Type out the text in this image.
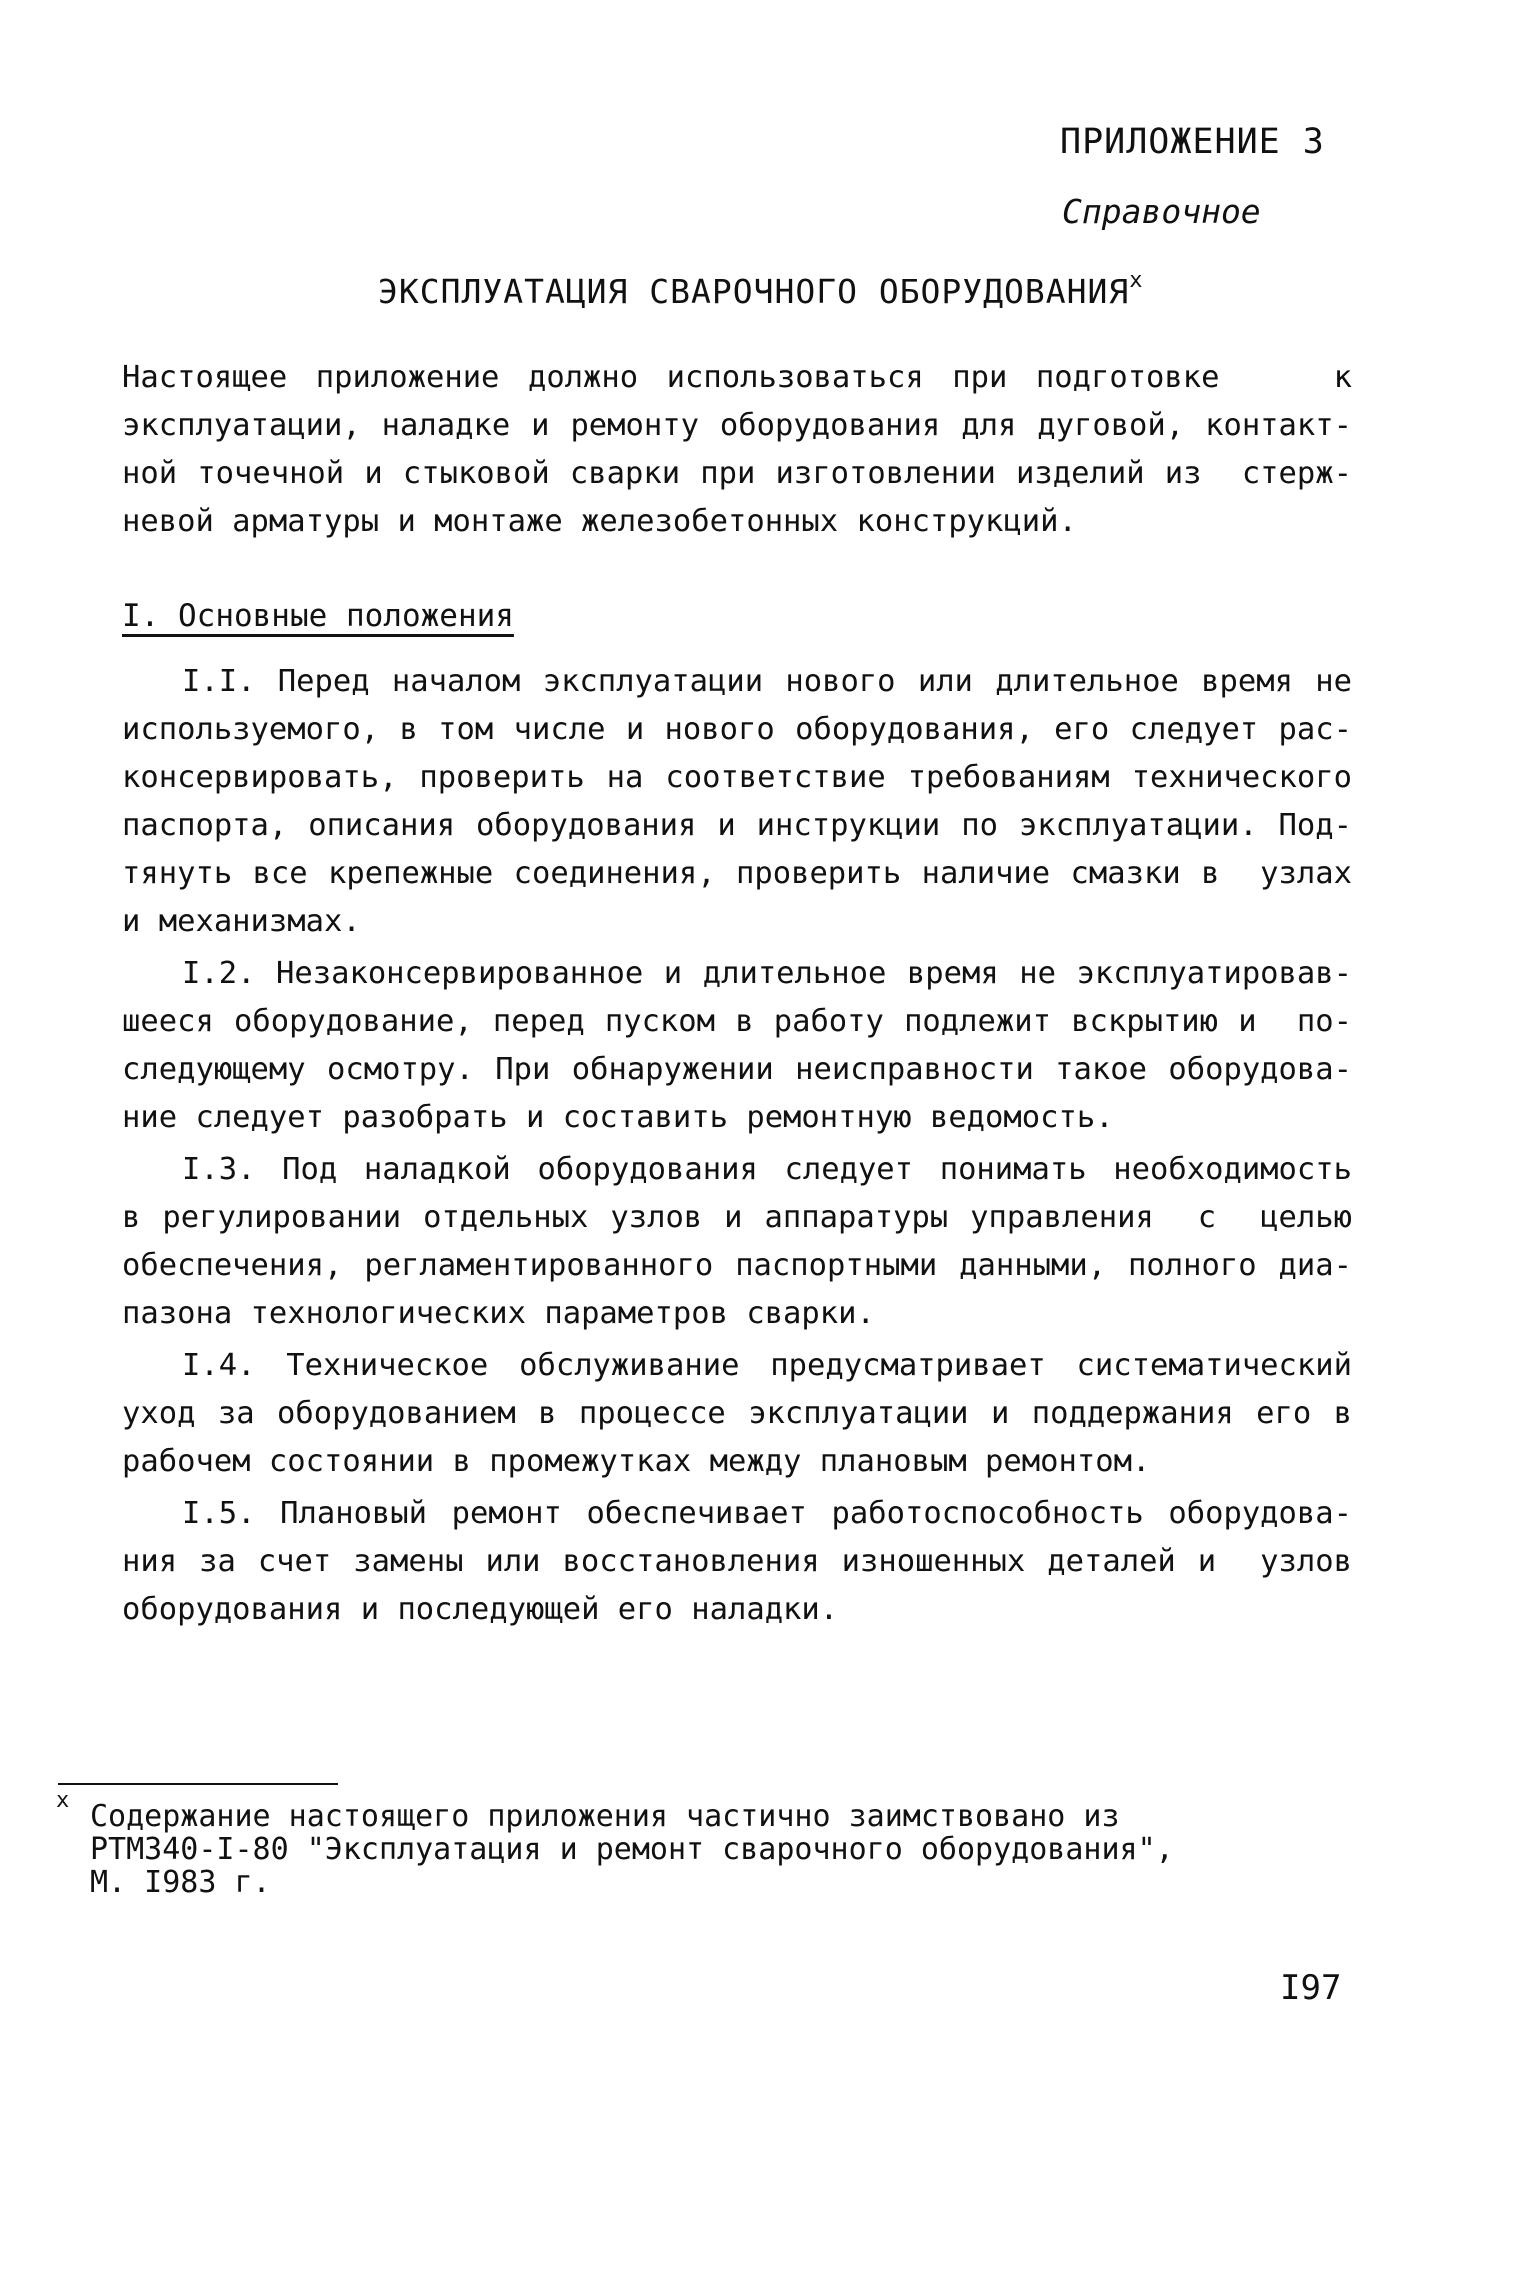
ПРИЛОЖЕНИЕ 3
Справочное
ЭКСПЛУАТАЦИЯ СВАРОЧНОГО ОБОРУДОВАНИЯ$^x$
Настоящее приложение должно использоваться при подготовке    к
эксплуатации, наладке и ремонту оборудования для дуговой, контакт-
ной точечной и стыковой сварки при изготовлении изделий из  стерж-
невой арматуры и монтаже железобетонных конструкций.
I. Основные положения
I.I. Перед началом эксплуатации нового или длительное время не
используемого, в том числе и нового оборудования, его следует рас-
консервировать, проверить на соответствие требованиям технического
паспорта, описания оборудования и инструкции по эксплуатации. Под-
тянуть все крепежные соединения, проверить наличие смазки в  узлах
и механизмах.
I.2. Незаконсервированное и длительное время не эксплуатировав-
шееся оборудование, перед пуском в работу подлежит вскрытию и  по-
следующему осмотру. При обнаружении неисправности такое оборудова-
ние следует разобрать и составить ремонтную ведомость.
I.3. Под наладкой оборудования следует понимать необходимость
в регулировании отдельных узлов и аппаратуры управления  с  целью
обеспечения, регламентированного паспортными данными, полного диа-
пазона технологических параметров сварки.
I.4. Техническое обслуживание предусматривает систематический
уход за оборудованием в процессе эксплуатации и поддержания его в
рабочем состоянии в промежутках между плановым ремонтом.
I.5. Плановый ремонт обеспечивает работоспособность оборудова-
ния за счет замены или восстановления изношенных деталей и  узлов
оборудования и последующей его наладки.
x Содержание настоящего приложения частично заимствовано из
РТМ340-I-80 "Эксплуатация и ремонт сварочного оборудования",
М. I983 г.
I97
